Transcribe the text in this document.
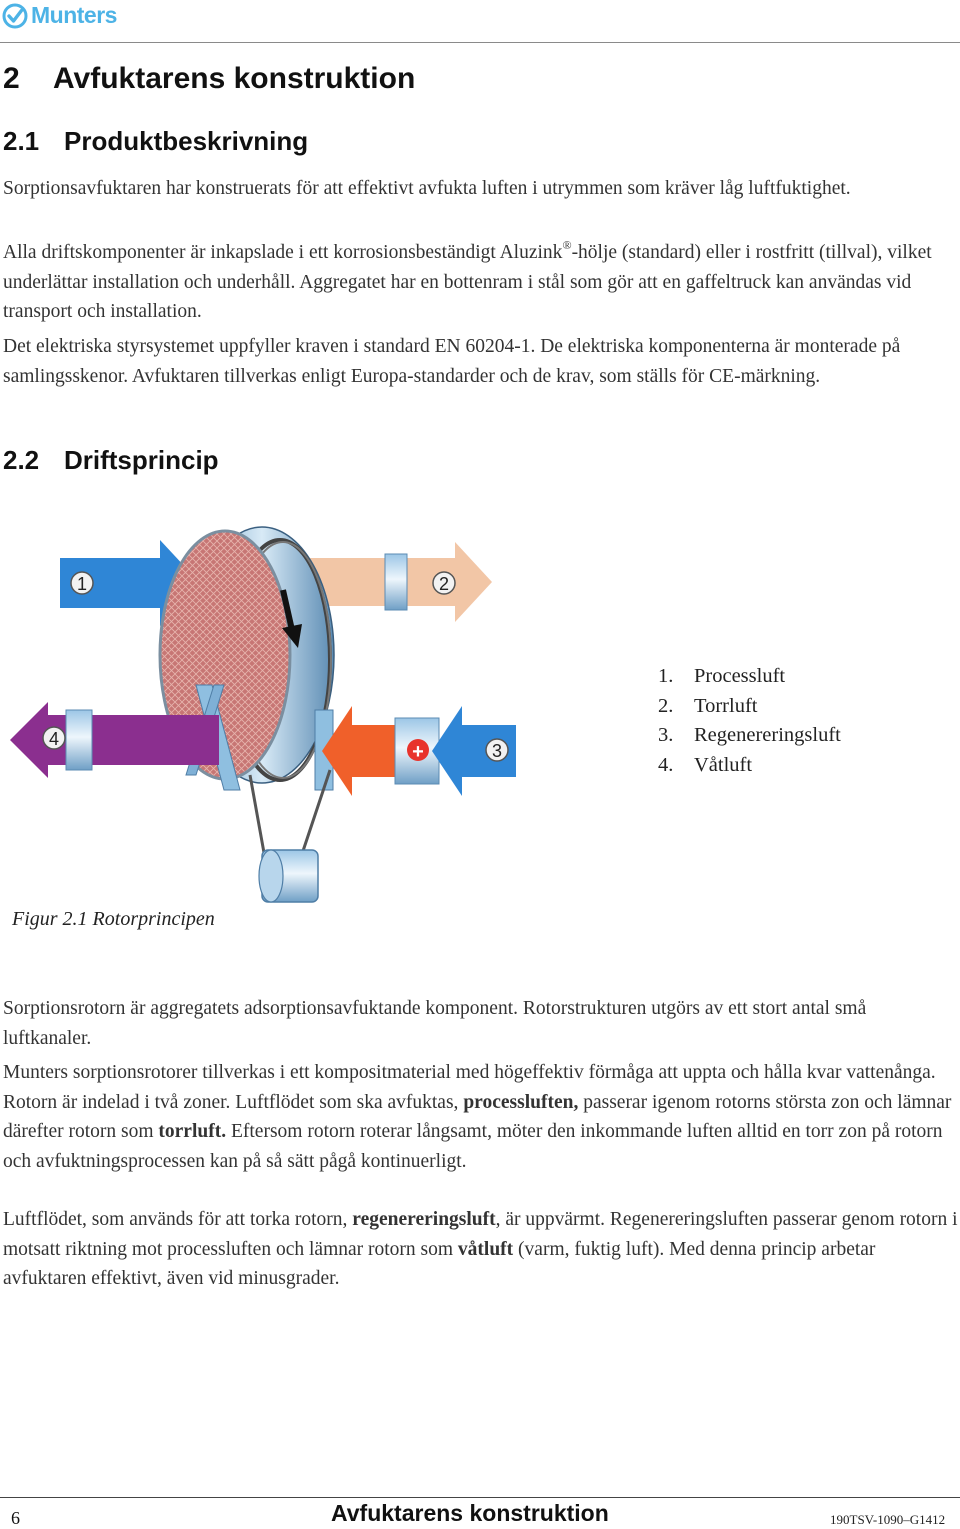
Munters
2 Avfuktarens konstruktion
2.1 Produktbeskrivning
Sorptionsavfuktaren har konstruerats för att effektivt avfukta luften i utrymmen som kräver låg luftfuktighet.
Alla driftskomponenter är inkapslade i ett korrosionsbeständigt Aluzink®-hölje (standard) eller i rostfritt (tillval), vilket underlättar installation och underhåll. Aggregatet har en bottenram i stål som gör att en gaffeltruck kan användas vid transport och installation.
Det elektriska styrsystemet uppfyller kraven i standard EN 60204-1. De elektriska komponenterna är monterade på samlingsskenor. Avfuktaren tillverkas enligt Europa-standarder och de krav, som ställs för CE-märkning.
2.2 Driftsprincip
+
1	2
3
4
1.	Processluft
2.	Torrluft
3.	Regenereringsluft
4.	Våtluft
Figur 2.1 Rotorprincipen
Sorptionsrotorn är aggregatets adsorptionsavfuktande komponent. Rotorstrukturen utgörs av ett stort antal små luftkanaler.
Munters sorptionsrotorer tillverkas i ett kompositmaterial med högeffektiv förmåga att uppta och hålla kvar vattenånga. Rotorn är indelad i två zoner. Luftflödet som ska avfuktas, processluften, passerar igenom rotorns största zon och lämnar därefter rotorn som torrluft. Eftersom rotorn roterar långsamt, möter den inkommande luften alltid en torr zon på rotorn och avfuktningsprocessen kan på så sätt pågå kontinuerligt.
Luftflödet, som används för att torka rotorn, regenereringsluft, är uppvärmt. Regenereringsluften passerar genom rotorn i motsatt riktning mot processluften och lämnar rotorn som våtluft (varm, fuktig luft). Med denna princip arbetar avfuktaren effektivt, även vid minusgrader.
6	Avfuktarens konstruktion	190TSV-1090–G1412
